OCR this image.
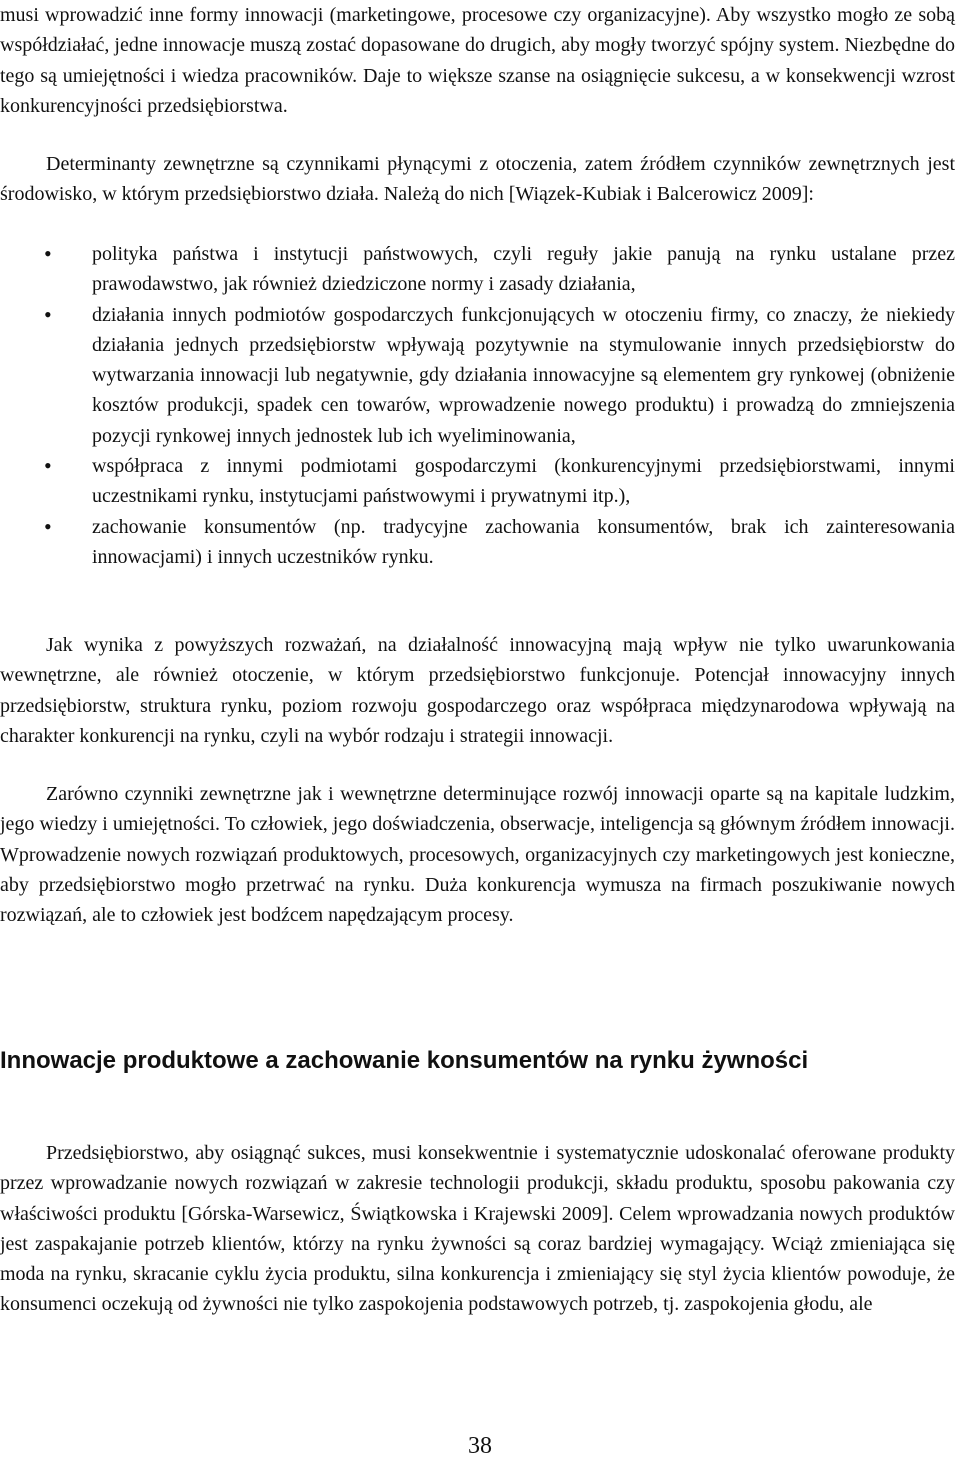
musi wprowadzić inne formy innowacji (marketingowe, procesowe czy organizacyjne). Aby wszystko mogło ze sobą współdziałać, jedne innowacje muszą zostać dopasowane do drugich, aby mogły tworzyć spójny system. Niezbędne do tego są umiejętności i wiedza pracowników. Daje to większe szanse na osiągnięcie sukcesu, a w konsekwencji wzrost konkurencyjności przedsiębiorstwa.

Determinanty zewnętrzne są czynnikami płynącymi z otoczenia, zatem źródłem czynników zewnętrznych jest środowisko, w którym przedsiębiorstwo działa. Należą do nich [Wiązek-Kubiak i Balcerowicz 2009]:

• polityka państwa i instytucji państwowych, czyli reguły jakie panują na rynku ustalane przez prawodawstwo, jak również dziedziczone normy i zasady działania,
• działania innych podmiotów gospodarczych funkcjonujących w otoczeniu firmy, co znaczy, że niekiedy działania jednych przedsiębiorstw wpływają pozytywnie na stymulowanie innych przedsiębiorstw do wytwarzania innowacji lub negatywnie, gdy działania innowacyjne są elementem gry rynkowej (obniżenie kosztów produkcji, spadek cen towarów, wprowadzenie nowego produktu) i prowadzą do zmniejszenia pozycji rynkowej innych jednostek lub ich wyeliminowania,
• współpraca z innymi podmiotami gospodarczymi (konkurencyjnymi przedsiębiorstwami, innymi uczestnikami rynku, instytucjami państwowymi i prywatnymi itp.),
• zachowanie konsumentów (np. tradycyjne zachowania konsumentów, brak ich zainteresowania innowacjami) i innych uczestników rynku.

Jak wynika z powyższych rozważań, na działalność innowacyjną mają wpływ nie tylko uwarunkowania wewnętrzne, ale również otoczenie, w którym przedsiębiorstwo funkcjonuje. Potencjał innowacyjny innych przedsiębiorstw, struktura rynku, poziom rozwoju gospodarczego oraz współpraca międzynarodowa wpływają na charakter konkurencji na rynku, czyli na wybór rodzaju i strategii innowacji.

Zarówno czynniki zewnętrzne jak i wewnętrzne determinujące rozwój innowacji oparte są na kapitale ludzkim, jego wiedzy i umiejętności. To człowiek, jego doświadczenia, obserwacje, inteligencja są głównym źródłem innowacji. Wprowadzenie nowych rozwiązań produktowych, procesowych, organizacyjnych czy marketingowych jest konieczne, aby przedsiębiorstwo mogło przetrwać na rynku. Duża konkurencja wymusza na firmach poszukiwanie nowych rozwiązań, ale to człowiek jest bodźcem napędzającym procesy.

Innowacje produktowe a zachowanie konsumentów na rynku żywności

Przedsiębiorstwo, aby osiągnąć sukces, musi konsekwentnie i systematycznie udoskonalać oferowane produkty przez wprowadzanie nowych rozwiązań w zakresie technologii produkcji, składu produktu, sposobu pakowania czy właściwości produktu [Górska-Warsewicz, Świątkowska i Krajewski 2009]. Celem wprowadzania nowych produktów jest zaspakajanie potrzeb klientów, którzy na rynku żywności są coraz bardziej wymagający. Wciąż zmieniająca się moda na rynku, skracanie cyklu życia produktu, silna konkurencja i zmieniający się styl życia klientów powoduje, że konsumenci oczekują od żywności nie tylko zaspokojenia podstawowych potrzeb, tj. zaspokojenia głodu, ale

38
